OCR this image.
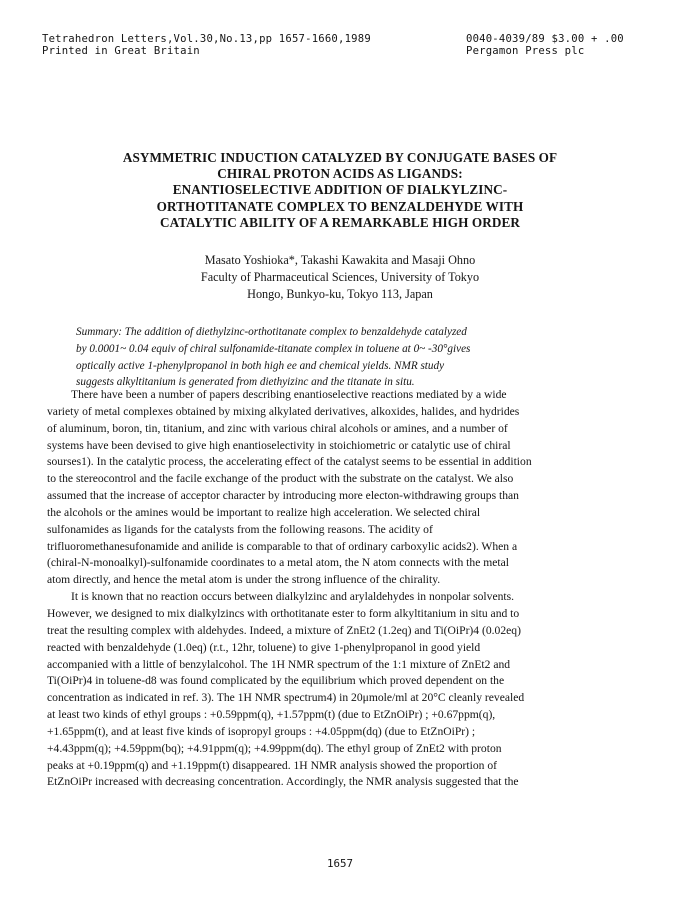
Tetrahedron Letters,Vol.30,No.13,pp 1657-1660,1989	0040-4039/89 $3.00 + .00
Printed in Great Britain	Pergamon Press plc
ASYMMETRIC INDUCTION CATALYZED BY CONJUGATE BASES OF
CHIRAL PROTON ACIDS AS LIGANDS:
ENANTIOSELECTIVE ADDITION OF DIALKYLZINC-
ORTHOTITANATE COMPLEX TO BENZALDEHYDE WITH
CATALYTIC ABILITY OF A REMARKABLE HIGH ORDER
Masato Yoshioka*, Takashi Kawakita and Masaji Ohno
Faculty of Pharmaceutical Sciences, University of Tokyo
Hongo, Bunkyo-ku, Tokyo 113, Japan
Summary: The addition of diethylzinc-orthotitanate complex to benzaldehyde catalyzed
by 0.0001~ 0.04 equiv of chiral sulfonamide-titanate complex in toluene at 0~ -30°gives
optically active 1-phenylpropanol in both high ee and chemical yields. NMR study
suggests alkyltitanium is generated from diethyizinc and the titanate in situ.
There have been a number of papers describing enantioselective reactions mediated by a wide
variety of metal complexes obtained by mixing alkylated derivatives, alkoxides, halides, and hydrides
of aluminum, boron, tin, titanium, and zinc with various chiral alcohols or amines, and a number of
systems have been devised to give high enantioselectivity in stoichiometric or catalytic use of chiral
sourses1). In the catalytic process, the accelerating effect of the catalyst seems to be essential in addition
to the stereocontrol and the facile exchange of the product with the substrate on the catalyst. We also
assumed that the increase of acceptor character by introducing more electon-withdrawing groups than
the alcohols or the amines would be important to realize high acceleration. We selected chiral
sulfonamides as ligands for the catalysts from the following reasons. The acidity of
trifluoromethanesufonamide and anilide is comparable to that of ordinary carboxylic acids2). When a
(chiral-N-monoalkyl)-sulfonamide coordinates to a metal atom, the N atom connects with the metal
atom directly, and hence the metal atom is under the strong influence of the chirality.
It is known that no reaction occurs between dialkylzinc and arylaldehydes in nonpolar solvents.
However, we designed to mix dialkylzincs with orthotitanate ester to form alkyltitanium in situ and to
treat the resulting complex with aldehydes. Indeed, a mixture of ZnEt2 (1.2eq) and Ti(OiPr)4 (0.02eq)
reacted with benzaldehyde (1.0eq) (r.t., 12hr, toluene) to give 1-phenylpropanol in good yield
accompanied with a little of benzylalcohol. The 1H NMR spectrum of the 1:1 mixture of ZnEt2 and
Ti(OiPr)4 in toluene-d8 was found complicated by the equilibrium which proved dependent on the
concentration as indicated in ref. 3). The 1H NMR spectrum4) in 20μmole/ml at 20°C cleanly revealed
at least two kinds of ethyl groups : +0.59ppm(q), +1.57ppm(t) (due to EtZnOiPr) ; +0.67ppm(q),
+1.65ppm(t), and at least five kinds of isopropyl groups : +4.05ppm(dq) (due to EtZnOiPr) ;
+4.43ppm(q); +4.59ppm(bq); +4.91ppm(q); +4.99ppm(dq). The ethyl group of ZnEt2 with proton
peaks at +0.19ppm(q) and +1.19ppm(t) disappeared. 1H NMR analysis showed the proportion of
EtZnOiPr increased with decreasing concentration. Accordingly, the NMR analysis suggested that the
1657
